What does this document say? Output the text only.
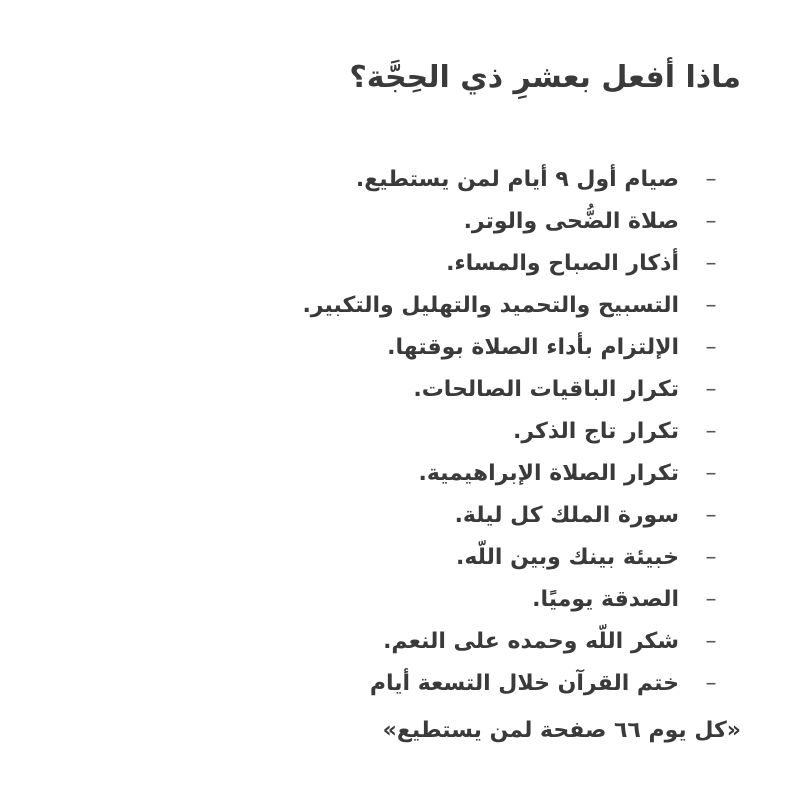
ماذا أفعل بعشرِ ذي الحِجَّة؟
–
صيام أول ٩ أيام لمن يستطيع.
–
صلاة الضُّحى والوتر.
–
أذكار الصباح والمساء.
–
التسبيح والتحميد والتهليل والتكبير.
–
الإلتزام بأداء الصلاة بوقتها.
–
تكرار الباقيات الصالحات.
–
تكرار تاج الذكر.
–
تكرار الصلاة الإبراهيمية.
–
سورة الملك كل ليلة.
–
خبيئة بينك وبين اللّه.
–
الصدقة يوميًا.
–
شكر اللّه وحمده على النعم.
–
ختم القرآن خلال التسعة أيام

«كل يوم ٦٦ صفحة لمن يستطيع»
